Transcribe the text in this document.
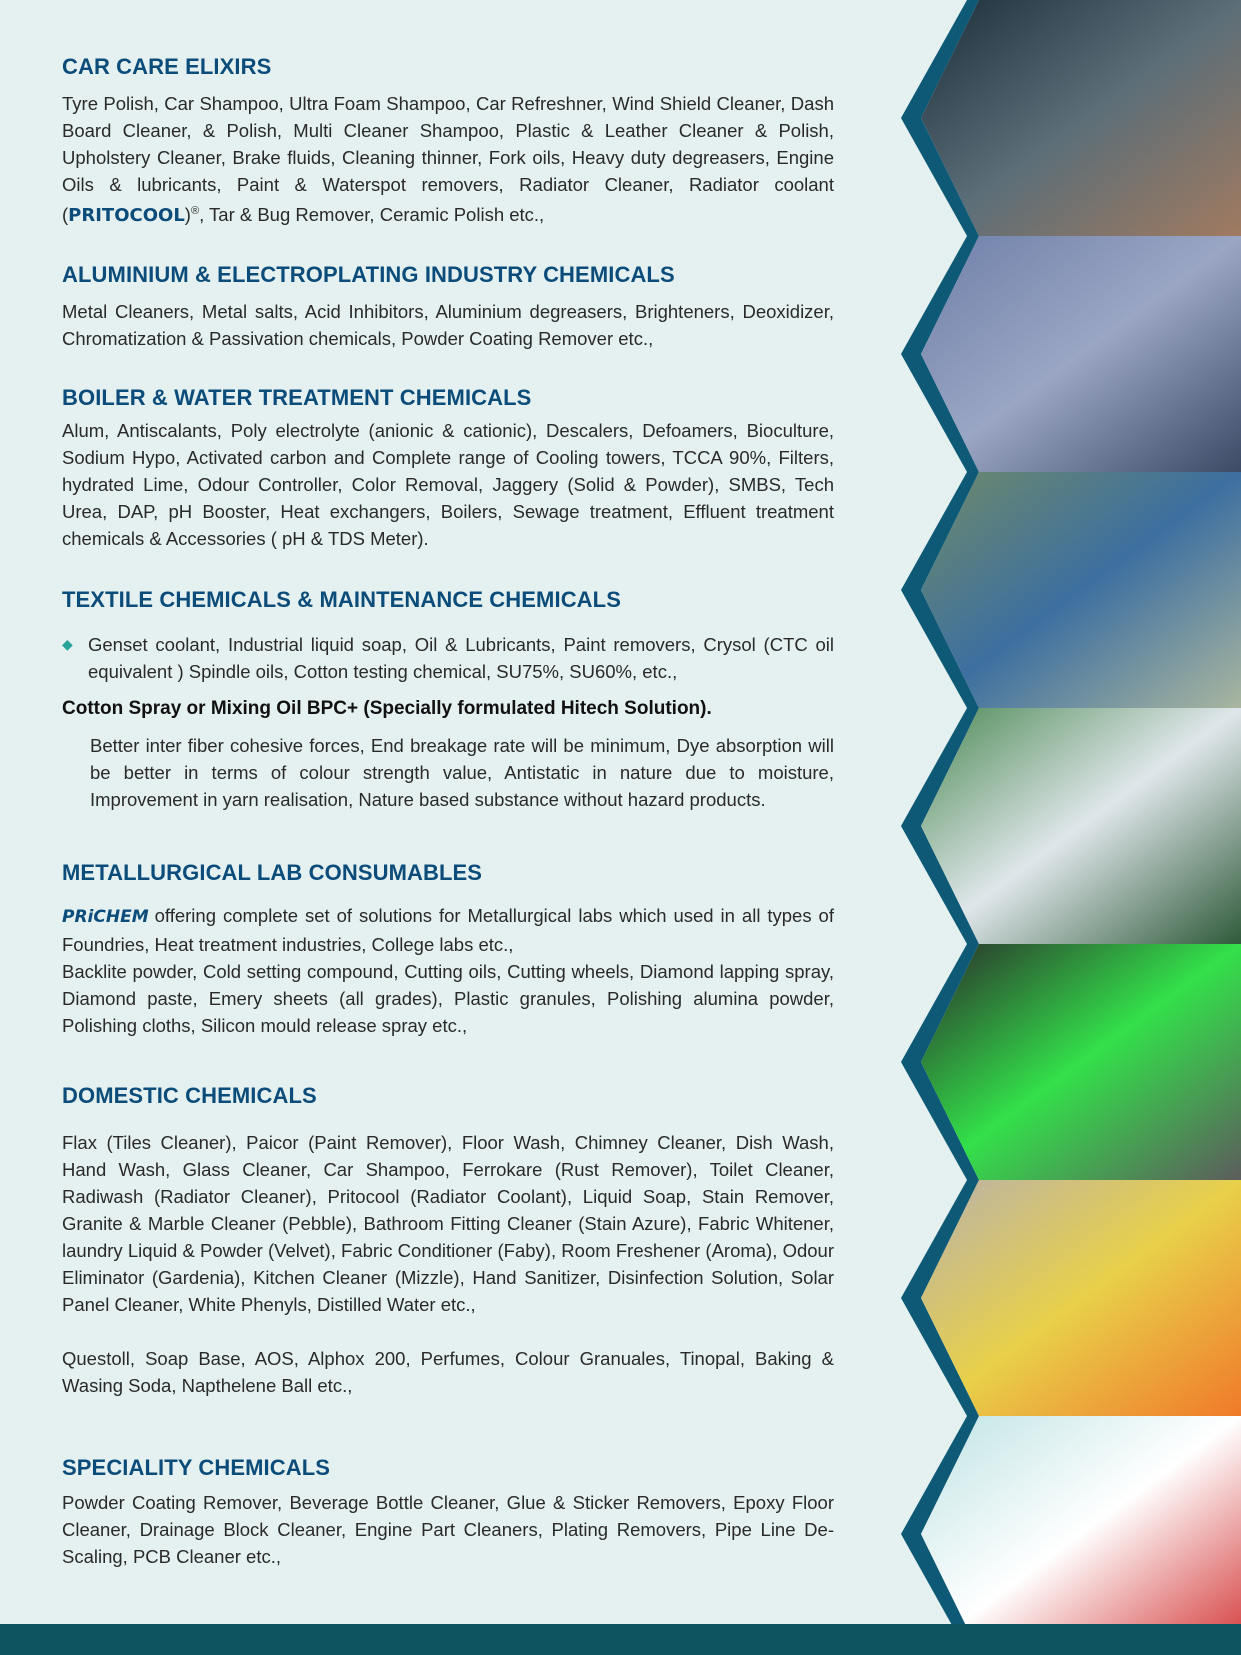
CAR CARE ELIXIRS

Tyre Polish, Car Shampoo, Ultra Foam Shampoo, Car Refreshner, Wind Shield Cleaner, Dash Board Cleaner, & Polish, Multi Cleaner Shampoo, Plastic & Leather Cleaner & Polish, Upholstery Cleaner, Brake fluids, Cleaning thinner, Fork oils, Heavy duty degreasers, Engine Oils & lubricants, Paint & Waterspot removers, Radiator Cleaner, Radiator coolant (PRITOCOOL)®, Tar & Bug Remover, Ceramic Polish etc.,

ALUMINIUM & ELECTROPLATING INDUSTRY CHEMICALS

Metal Cleaners, Metal salts, Acid Inhibitors, Aluminium degreasers, Brighteners, Deoxidizer, Chromatization & Passivation chemicals, Powder Coating Remover etc.,

BOILER & WATER TREATMENT CHEMICALS

Alum, Antiscalants, Poly electrolyte (anionic & cationic), Descalers, Defoamers, Bioculture, Sodium Hypo, Activated carbon and Complete range of Cooling towers, TCCA 90%, Filters, hydrated Lime, Odour Controller, Color Removal, Jaggery (Solid & Powder), SMBS, Tech Urea, DAP, pH Booster, Heat exchangers, Boilers, Sewage treatment, Effluent treatment chemicals & Accessories ( pH & TDS Meter).

TEXTILE CHEMICALS & MAINTENANCE CHEMICALS
◆ Genset coolant, Industrial liquid soap, Oil & Lubricants, Paint removers, Crysol (CTC oil equivalent ) Spindle oils, Cotton testing chemical, SU75%, SU60%, etc.,

Cotton Spray or Mixing Oil BPC+ (Specially formulated Hitech Solution).

Better inter fiber cohesive forces, End breakage rate will be minimum, Dye absorption will be better in terms of colour strength value, Antistatic in nature due to moisture, Improvement in yarn realisation, Nature based substance without hazard products.

METALLURGICAL LAB CONSUMABLES

PRiCHEM offering complete set of solutions for Metallurgical labs which used in all types of Foundries, Heat treatment industries, College labs etc.,

Backlite powder, Cold setting compound, Cutting oils, Cutting wheels, Diamond lapping spray, Diamond paste, Emery sheets (all grades), Plastic granules, Polishing alumina powder, Polishing cloths, Silicon mould release spray etc.,

DOMESTIC CHEMICALS

Flax (Tiles Cleaner), Paicor (Paint Remover), Floor Wash, Chimney Cleaner, Dish Wash, Hand Wash, Glass Cleaner, Car Shampoo, Ferrokare (Rust Remover), Toilet Cleaner, Radiwash (Radiator Cleaner), Pritocool (Radiator Coolant), Liquid Soap, Stain Remover, Granite & Marble Cleaner (Pebble), Bathroom Fitting Cleaner (Stain Azure), Fabric Whitener, laundry Liquid & Powder (Velvet), Fabric Conditioner (Faby), Room Freshener (Aroma), Odour Eliminator (Gardenia), Kitchen Cleaner (Mizzle), Hand Sanitizer, Disinfection Solution, Solar Panel Cleaner, White Phenyls, Distilled Water etc.,

Questoll, Soap Base, AOS, Alphox 200, Perfumes, Colour Granuales, Tinopal, Baking & Wasing Soda, Napthelene Ball etc.,

SPECIALITY CHEMICALS

Powder Coating Remover, Beverage Bottle Cleaner, Glue & Sticker Removers, Epoxy Floor Cleaner, Drainage Block Cleaner, Engine Part Cleaners, Plating Removers, Pipe Line De-Scaling, PCB Cleaner etc.,
